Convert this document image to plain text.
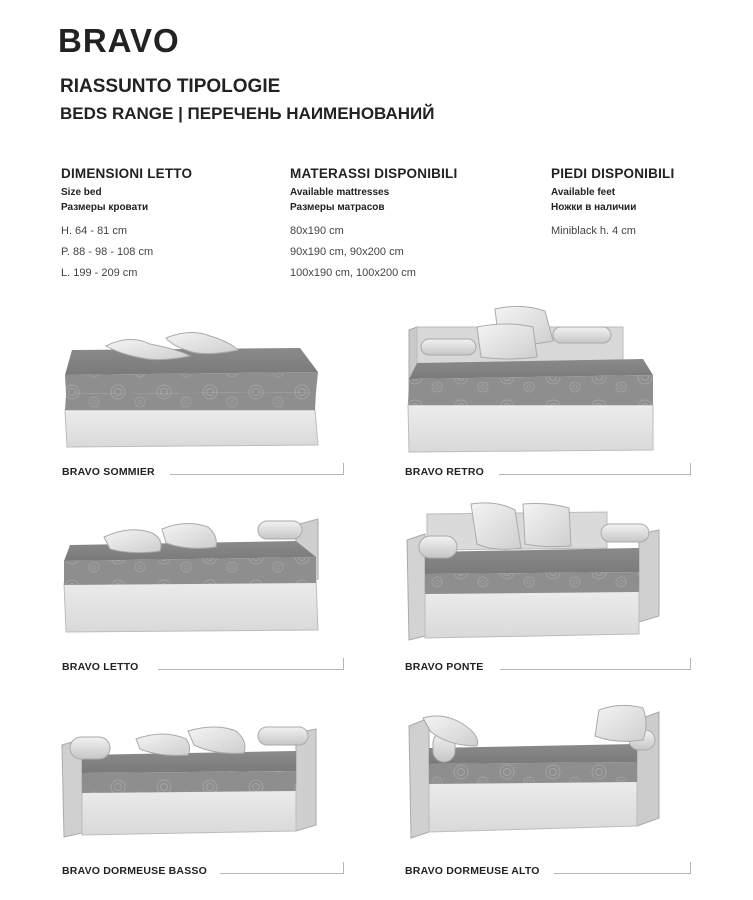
BRAVO
RIASSUNTO TIPOLOGIE
BEDS RANGE | ПЕРЕЧЕНЬ НАИМЕНОВАНИЙ
DIMENSIONI LETTO
Size bed
Размеры кровати
H. 64 - 81 cm
P. 88 - 98 - 108 cm
L. 199 - 209 cm
MATERASSI DISPONIBILI
Available mattresses
Размеры матрасов
80x190 cm
90x190 cm, 90x200 cm
100x190 cm, 100x200 cm
PIEDI DISPONIBILI
Available feet
Ножки в наличии
Miniblack h. 4 cm
BRAVO SOMMIER	BRAVO RETRO
BRAVO LETTO	BRAVO PONTE
BRAVO DORMEUSE BASSO	BRAVO DORMEUSE ALTO
